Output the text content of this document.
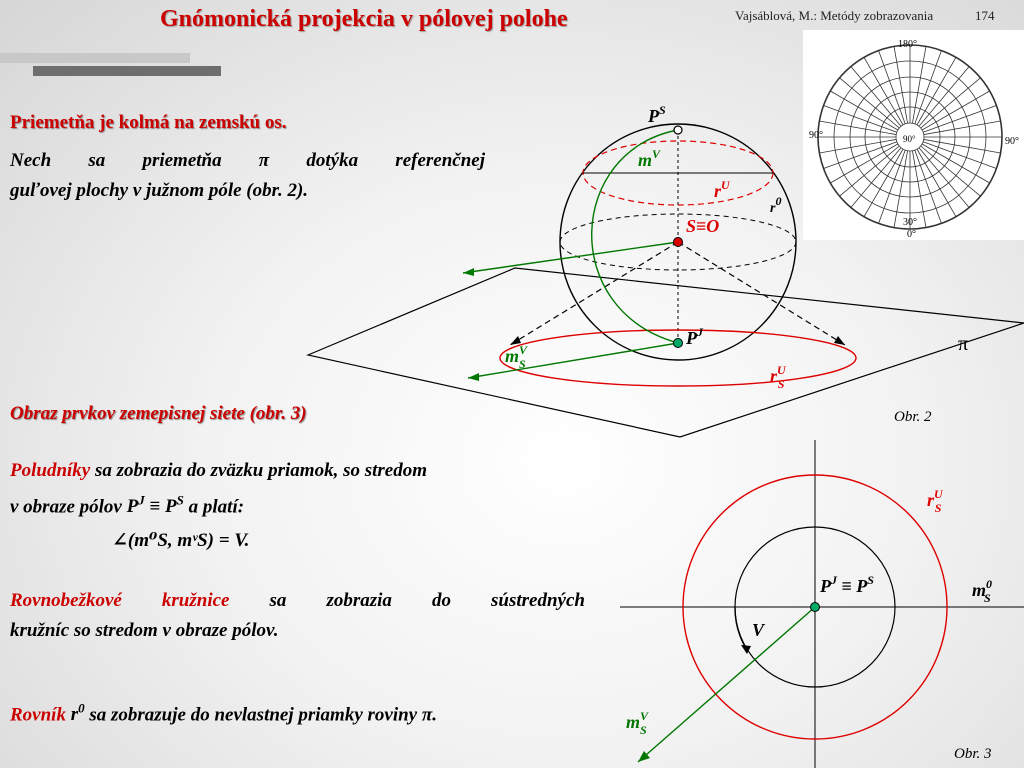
Gnómonická projekcia v pólovej polohe	Vajsáblová, M.: Metódy zobrazovania	174
Priemetňa je kolmá na zemskú os.
Nech sa priemetňa π dotýka referenčnej
guľovej plochy v južnom póle (obr. 2).
Obraz prvkov zemepisnej siete (obr. 3)
Poludníky sa zobrazia do zväzku priamok, so stredom
v obraze pólov $P^J \equiv P^S$ a platí:
∠(m⁰S, mᵛS) = V.
Rovnobežkové kružnice sa zobrazia do sústredných
kružníc so stredom v obraze pólov.
Rovník $r^0$ sa zobrazuje do nevlastnej priamky roviny π.
180°
90°
90°
90°
30°
0°
$P^S$
$m^V$
$r^U$
r0
S≡O
$P^J$
$m^V$ S
$r^U$ S
π
Obr. 2
$r^U$ S
$P^J \equiv P^S$	$m^0$ S
V
$m^V$ S
Obr. 3
